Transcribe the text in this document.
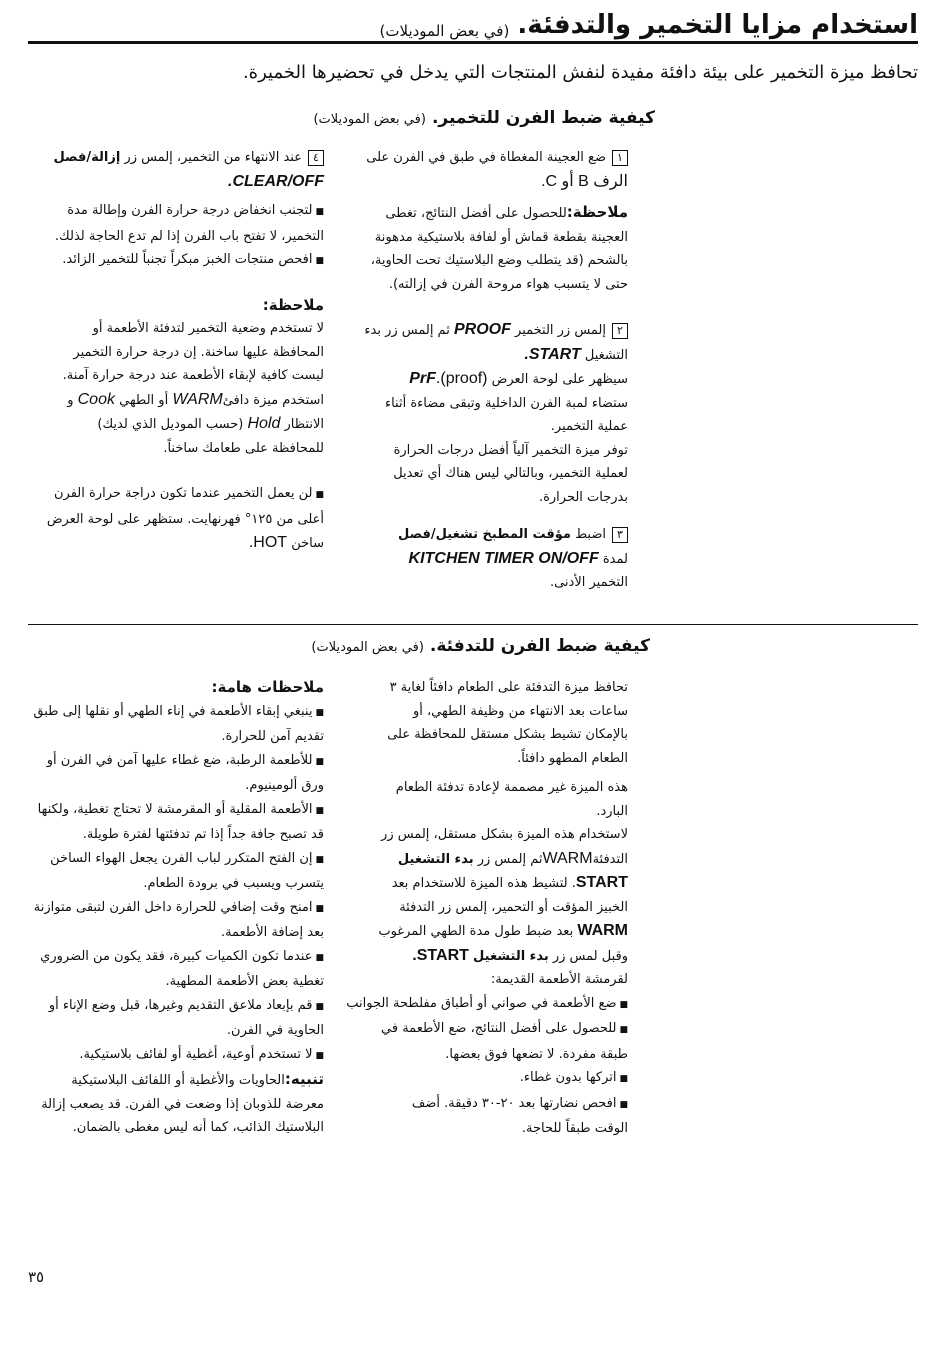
استخدام مزايا التخمير والتدفئة.
(في بعض الموديلات)
تحافظ ميزة التخمير على بيئة دافئة مفيدة لنفش المنتجات التي يدخل في تحضيرها الخميرة.
كيفية ضبط الفرن للتخمير.
(في بعض الموديلات)

١ضع العجينة المغطاة في طبق في الفرن على

الرف B أو C.

ملاحظة:للحصول على أفضل النتائج، تغطى

العجينة بقطعة قماش أو لفافة بلاستيكية مدهونة

بالشحم (قد يتطلب وضع البلاستيك تحت الحاوية،

حتى لا يتسبب هواء مروحة الفرن في إزالته).

٢إلمس زر التخمير PROOF ثم إلمس زر بدء

التشغيل START.

سيظهر على لوحة العرض (proof).PrF

ستضاء لمبة الفرن الداخلية وتبقى مضاءة أثناء

عملية التخمير.

توفر ميزة التخمير آلياً أفضل درجات الحرارة

لعملية التخمير، وبالتالي ليس هناك أي تعديل

بدرجات الحرارة.

٣اضبط مؤقت المطبخ تشغيل/فصل

لمدة KITCHEN TIMER ON/OFF

التخمير الأدنى.

٤عند الانتهاء من التخمير، إلمس زر إزالة/فصل

CLEAR/OFF.

■ لتجنب انخفاض درجة حرارة الفرن وإطالة مدة

التخمير، لا تفتح باب الفرن إذا لم تدع الحاجة لذلك.

■ افحص منتجات الخبز مبكراً تجنباً للتخمير الزائد.

ملاحظة:

لا تستخدم وضعية التخمير لتدفئة الأطعمة أو

المحافظة عليها ساخنة. إن درجة حرارة التخمير

ليست كافية لإبقاء الأطعمة عند درجة حرارة آمنة.

استخدم ميزة دافئWARM أو الطهي Cook و

الانتظار Hold (حسب الموديل الذي لديك)

للمحافظة على طعامك ساخناً.

■ لن يعمل التخمير عندما تكون دراجة حرارة الفرن

أعلى من ١٢٥° فهرنهايت. ستظهر على لوحة العرض

ساخن HOT.

كيفية ضبط الفرن للتدفئة.
(في بعض الموديلات)

تحافظ ميزة التدفئة على الطعام دافئاً لغاية ٣

ساعات بعد الانتهاء من وظيفة الطهي، أو

بالإمكان تشيط بشكل مستقل للمحافظة على

الطعام المطهو دافئاً.

هذه الميزة غير مصممة لإعادة تدفئة الطعام

البارد.

لاستخدام هذه الميزة بشكل مستقل، إلمس زر

التدفئةWARMثم إلمس زر بدء التشغيل

START. لتشيط هذه الميزة للاستخدام بعد

الخبيز المؤقت أو التحمير، إلمس زر التدفئة

WARM بعد ضبط طول مدة الطهي المرغوب

وقبل لمس زر بدء التشغيل START.

لقرمشة الأطعمة القديمة:

■ ضع الأطعمة في صواني أو أطباق مفلطحة الجوانب

■ للحصول على أفضل النتائج، ضع الأطعمة في

طبقة مفردة. لا تضعها فوق بعضها.

■ اتركها بدون غطاء.

■ افحص نضارتها بعد ٢٠-٣٠ دقيقة. أضف

الوقت طبقاً للحاجة.

ملاحظات هامة:

■ ينبغي إبقاء الأطعمة في إناء الطهي أو نقلها إلى طبق

تقديم آمن للحرارة.

■ للأطعمة الرطبة، ضع غطاء عليها آمن في الفرن أو

ورق ألومينيوم.

■ الأطعمة المقلية أو المقرمشة لا تحتاج تغطية، ولكنها

قد تصبح جافة جداً إذا تم تدفئتها لفترة طويلة.

■ إن الفتح المتكرر لباب الفرن يجعل الهواء الساخن

يتسرب ويسبب في برودة الطعام.

■ امنح وقت إضافي للحرارة داخل الفرن لتبقى متوازنة

بعد إضافة الأطعمة.

■ عندما تكون الكميات كبيرة، فقد يكون من الضروري

تغطية بعض الأطعمة المطهية.

■ قم بإبعاد ملاعق التقديم وغيرها، قبل وضع الإناء أو

الحاوية في الفرن.

■ لا تستخدم أوعية، أغطية أو لفائف بلاستيكية.

تنبيه:الحاويات والأغطية أو اللفائف البلاستيكية

معرضة للذوبان إذا وضعت في الفرن. قد يصعب إزالة

البلاستيك الذائب، كما أنه ليس مغطى بالضمان.

٣٥
